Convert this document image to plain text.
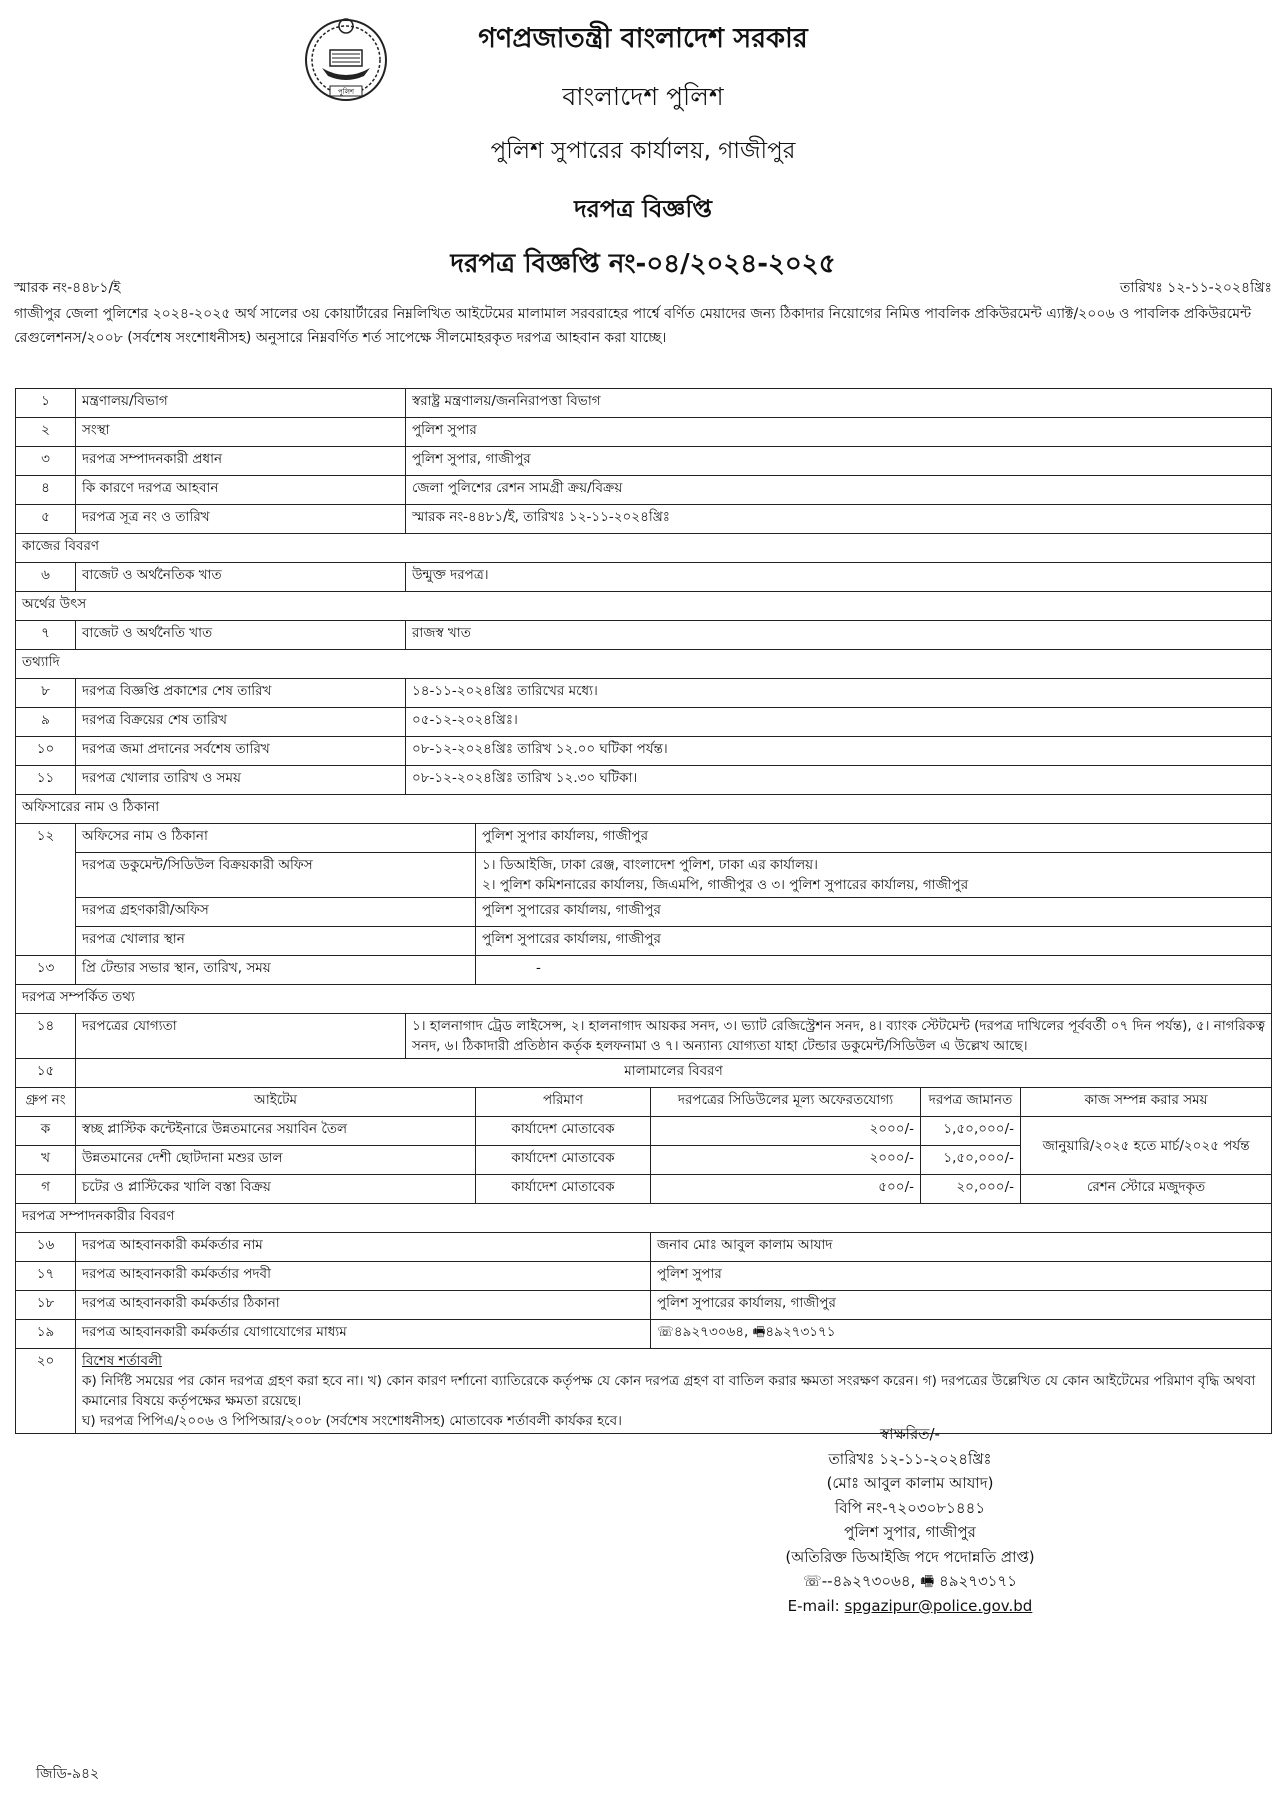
পুলিশ
গণপ্রজাতন্ত্রী বাংলাদেশ সরকার
বাংলাদেশ পুলিশ
পুলিশ সুপারের কার্যালয়, গাজীপুর
দরপত্র বিজ্ঞপ্তি
দরপত্র বিজ্ঞপ্তি নং-০৪/২০২৪-২০২৫
স্মারক নং-৪৪৮১/ই	তারিখঃ ১২-১১-২০২৪খ্রিঃ
গাজীপুর জেলা পুলিশের ২০২৪-২০২৫ অর্থ সালের ৩য় কোয়ার্টারের নিম্নলিখিত আইটেমের মালামাল সরবরাহের পার্শ্বে বর্ণিত মেয়াদের জন্য ঠিকাদার নিয়োগের নিমিত্ত পাবলিক প্রকিউরমেন্ট এ্যাক্ট/২০০৬ ও পাবলিক প্রকিউরমেন্ট রেগুলেশনস/২০০৮ (সর্বশেষ সংশোধনীসহ) অনুসারে নিম্নবর্ণিত শর্ত সাপেক্ষে সীলমোহরকৃত দরপত্র আহবান করা যাচ্ছে।
১	মন্ত্রণালয়/বিভাগ	স্বরাষ্ট্র মন্ত্রণালয়/জননিরাপত্তা বিভাগ				
২	সংস্থা	পুলিশ সুপার				
৩	দরপত্র সম্পাদনকারী প্রধান	পুলিশ সুপার, গাজীপুর				
৪	কি কারণে দরপত্র আহবান	জেলা পুলিশের রেশন সামগ্রী ক্রয়/বিক্রয়				
৫	দরপত্র সূত্র নং ও তারিখ	স্মারক নং-৪৪৮১/ই, তারিখঃ ১২-১১-২০২৪খ্রিঃ				
কাজের বিবরণ						
৬	বাজেট ও অর্থনৈতিক খাত	উন্মুক্ত দরপত্র।				
অর্থের উৎস						
৭	বাজেট ও অর্থনৈতি খাত	রাজস্ব খাত				
তথ্যাদি						
৮	দরপত্র বিজ্ঞপ্তি প্রকাশের শেষ তারিখ	১৪-১১-২০২৪খ্রিঃ তারিখের মধ্যে।				
৯	দরপত্র বিক্রয়ের শেষ তারিখ	০৫-১২-২০২৪খ্রিঃ।				
১০	দরপত্র জমা প্রদানের সর্বশেষ তারিখ	০৮-১২-২০২৪খ্রিঃ তারিখ ১২.০০ ঘটিকা পর্যন্ত।				
১১	দরপত্র খোলার তারিখ ও সময়	০৮-১২-২০২৪খ্রিঃ তারিখ ১২.৩০ ঘটিকা।				
অফিসারের নাম ও ঠিকানা						
১২	অফিসের নাম ও ঠিকানা		পুলিশ সুপার কার্যালয়, গাজীপুর			
	দরপত্র ডকুমেন্ট/সিডিউল বিক্রয়কারী অফিস		১। ডিআইজি, ঢাকা রেঞ্জ, বাংলাদেশ পুলিশ, ঢাকা এর কার্যালয়।
২। পুলিশ কমিশনারের কার্যালয়, জিএমপি, গাজীপুর ও ৩। পুলিশ সুপারের কার্যালয়, গাজীপুর			

	দরপত্র গ্রহণকারী/অফিস		পুলিশ সুপারের কার্যালয়, গাজীপুর			
	দরপত্র খোলার স্থান		পুলিশ সুপারের কার্যালয়, গাজীপুর			
১৩	প্রি টেন্ডার সভার স্থান, তারিখ, সময়		-			
দরপত্র সম্পর্কিত তথ্য						
১৪	দরপত্রের যোগ্যতা	১। হালনাগাদ ট্রেড লাইসেন্স, ২। হালনাগাদ আয়কর সনদ, ৩। ভ্যাট রেজিস্ট্রেশন সনদ, ৪। ব্যাংক স্টেটমেন্ট (দরপত্র দাখিলের পূর্ববর্তী ০৭ দিন পর্যন্ত), ৫। নাগরিকত্ব সনদ, ৬। ঠিকাদারী প্রতিষ্ঠান কর্তৃক হলফনামা ও ৭। অন্যান্য যোগ্যতা যাহা টেন্ডার ডকুমেন্ট/সিডিউল এ উল্লেখ আছে।				
১৫	মালামালের বিবরণ					
গ্রুপ নং	আইটেম		পরিমাণ	দরপত্রের সিডিউলের মূল্য অফেরতযোগ্য	দরপত্র জামানত	কাজ সম্পন্ন করার সময়
ক	স্বচ্ছ প্লাস্টিক কন্টেইনারে উন্নতমানের সয়াবিন তৈল		কার্যাদেশ মোতাবেক	২০০০/-	১,৫০,০০০/-	জানুয়ারি/২০২৫ হতে মার্চ/২০২৫ পর্যন্ত
খ	উন্নতমানের দেশী ছোটদানা মশুর ডাল		কার্যাদেশ মোতাবেক	২০০০/-	১,৫০,০০০/-	
গ	চটের ও প্লাস্টিকের খালি বস্তা বিক্রয়		কার্যাদেশ মোতাবেক	৫০০/-	২০,০০০/-	রেশন স্টোরে মজুদকৃত
দরপত্র সম্পাদনকারীর বিবরণ						
১৬	দরপত্র আহবানকারী কর্মকর্তার নাম			জনাব মোঃ আবুল কালাম আযাদ		
১৭	দরপত্র আহবানকারী কর্মকর্তার পদবী			পুলিশ সুপার		
১৮	দরপত্র আহবানকারী কর্মকর্তার ঠিকানা			পুলিশ সুপারের কার্যালয়, গাজীপুর		
১৯	দরপত্র আহবানকারী কর্মকর্তার যোগাযোগের মাধ্যম			☏৪৯২৭৩০৬৪, 🖷৪৯২৭৩১৭১		
২০	বিশেষ শর্তাবলী
ক) নির্দিষ্ট সময়ের পর কোন দরপত্র গ্রহণ করা হবে না। খ) কোন কারণ দর্শানো ব্যাতিরেকে কর্তৃপক্ষ যে কোন দরপত্র গ্রহণ বা বাতিল করার ক্ষমতা সংরক্ষণ করেন। গ) দরপত্রের উল্লেখিত যে কোন আইটেমের পরিমাণ বৃদ্ধি অথবা কমানোর বিষয়ে কর্তৃপক্ষের ক্ষমতা রয়েছে।
ঘ) দরপত্র পিপিএ/২০০৬ ও পিপিআর/২০০৮ (সর্বশেষ সংশোধনীসহ) মোতাবেক শর্তাবলী কার্যকর হবে।					
স্বাক্ষরিত/-
তারিখঃ ১২-১১-২০২৪খ্রিঃ
(মোঃ আবুল কালাম আযাদ)
বিপি নং-৭২০৩০৮১৪৪১
পুলিশ সুপার, গাজীপুর
(অতিরিক্ত ডিআইজি পদে পদোন্নতি প্রাপ্ত)
☏--৪৯২৭৩০৬৪, 🖷 ৪৯২৭৩১৭১
E-mail: spgazipur@police.gov.bd
জিডি-৯৪২
